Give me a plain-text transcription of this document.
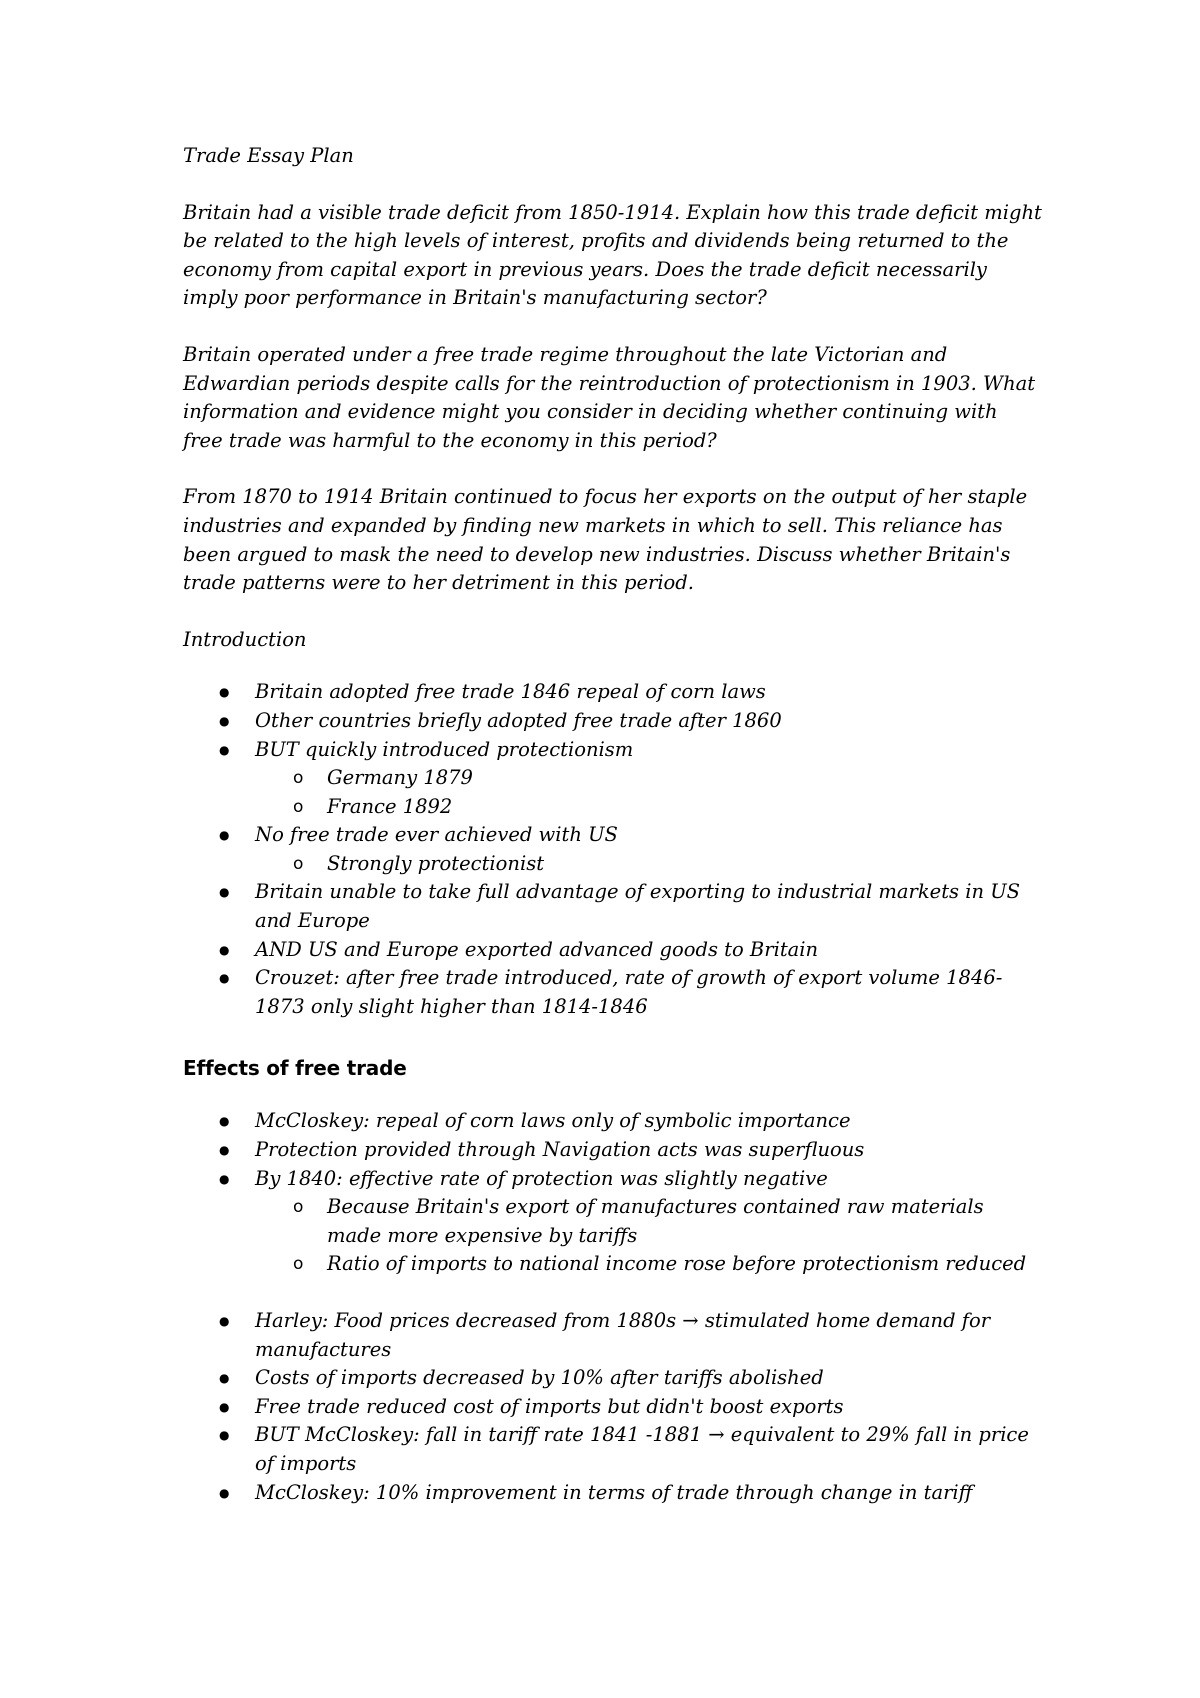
Trade Essay Plan

Britain had a visible trade deficit from 1850-1914. Explain how this trade deficit might be related to the high levels of interest, profits and dividends being returned to the economy from capital export in previous years. Does the trade deficit necessarily imply poor performance in Britain's manufacturing sector?

Britain operated under a free trade regime throughout the late Victorian and Edwardian periods despite calls for the reintroduction of protectionism in 1903. What information and evidence might you consider in deciding whether continuing with free trade was harmful to the economy in this period?

From 1870 to 1914 Britain continued to focus her exports on the output of her staple industries and expanded by finding new markets in which to sell. This reliance has been argued to mask the need to develop new industries. Discuss whether Britain's trade patterns were to her detriment in this period.

Introduction

● Britain adopted free trade 1846 repeal of corn laws
● Other countries briefly adopted free trade after 1860
● BUT quickly introduced protectionism
o Germany 1879
o France 1892
● No free trade ever achieved with US
o Strongly protectionist
● Britain unable to take full advantage of exporting to industrial markets in US and Europe
● AND US and Europe exported advanced goods to Britain
● Crouzet: after free trade introduced, rate of growth of export volume 1846-1873 only slight higher than 1814-1846
Effects of free trade
● McCloskey: repeal of corn laws only of symbolic importance
● Protection provided through Navigation acts was superfluous
● By 1840: effective rate of protection was slightly negative
o Because Britain's export of manufactures contained raw materials made more expensive by tariffs
o Ratio of imports to national income rose before protectionism reduced
● Harley: Food prices decreased from 1880s → stimulated home demand for manufactures
● Costs of imports decreased by 10% after tariffs abolished
● Free trade reduced cost of imports but didn't boost exports
● BUT McCloskey: fall in tariff rate 1841 -1881 → equivalent to 29% fall in price of imports
● McCloskey: 10% improvement in terms of trade through change in tariff
